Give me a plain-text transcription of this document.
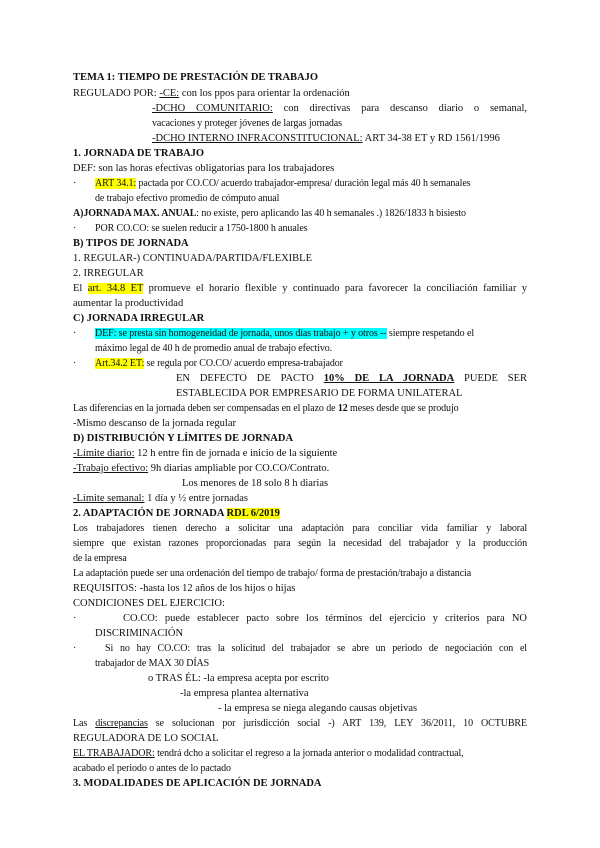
TEMA 1: TIEMPO DE PRESTACIÓN DE TRABAJO
REGULADO POR: -CE: con los ppos para orientar la ordenación
-DCHO COMUNITARIO: con directivas para descanso diario o semanal,
vacaciones y proteger jóvenes de largas jornadas
-DCHO INTERNO INFRACONSTITUCIONAL: ART 34-38 ET y RD 1561/1996
1. JORNADA DE TRABAJO
DEF: son las horas efectivas obligatorias para los trabajadores
· ART 34.1: pactada por CO.CO/ acuerdo trabajador-empresa/ duración legal más 40 h semanales
de trabajo efectivo promedio de cómputo anual
A)JORNADA MAX. ANUAL: no existe, pero aplicando las 40 h semanales .) 1826/1833 h bisiesto
· POR CO.CO: se suelen reducir a 1750-1800 h anuales
B) TIPOS DE JORNADA
1. REGULAR-) CONTINUADA/PARTIDA/FLEXIBLE
2. IRREGULAR
El art. 34.8 ET promueve el horario flexible y continuado para favorecer la conciliación familiar y
aumentar la productividad
C) JORNADA IRREGULAR
· DEF: se presta sin homogeneidad de jornada, unos días trabajo + y otros -- siempre respetando el
máximo legal de 40 h de promedio anual de trabajo efectivo.
· Art.34.2 ET: se regula por CO.CO/ acuerdo empresa-trabajador
EN DEFECTO DE PACTO 10% DE LA JORNADA PUEDE SER
ESTABLECIDA POR EMPRESARIO DE FORMA UNILATERAL
Las diferencias en la jornada deben ser compensadas en el plazo de 12 meses desde que se produjo
-Mismo descanso de la jornada regular
D) DISTRIBUCIÓN Y LÍMITES DE JORNADA
-Límite diario: 12 h entre fin de jornada e inicio de la siguiente
-Trabajo efectivo: 9h diarias ampliable por CO.CO/Contrato.
Los menores de 18 solo 8 h diarias
-Límite semanal: 1 día y ½ entre jornadas
2. ADAPTACIÓN DE JORNADA RDL 6/2019
Los trabajadores tienen derecho a solicitar una adaptación para conciliar vida familiar y laboral
siempre que existan razones proporcionadas para según la necesidad del trabajador y la producción
de la empresa
La adaptación puede ser una ordenación del tiempo de trabajo/ forma de prestación/trabajo a distancia
REQUISITOS: -hasta los 12 años de los hijos o hijas
CONDICIONES DEL EJERCICIO:
·	CO.CO: puede establecer pacto sobre los términos del ejercicio y criterios para NO
DISCRIMINACIÓN
·	Si no hay CO.CO: tras la solicitud del trabajador se abre un periodo de negociación con el
trabajador de MAX 30 DÍAS
o TRAS ÉL: -la empresa acepta por escrito
-la empresa plantea alternativa
- la empresa se niega alegando causas objetivas
Las discrepancias se solucionan por jurisdicción social -) ART 139, LEY 36/2011, 10 OCTUBRE
REGULADORA DE LO SOCIAL
EL TRABAJADOR: tendrá dcho a solicitar el regreso a la jornada anterior o modalidad contractual,
acabado el periodo o antes de lo pactado
3. MODALIDADES DE APLICACIÓN DE JORNADA
